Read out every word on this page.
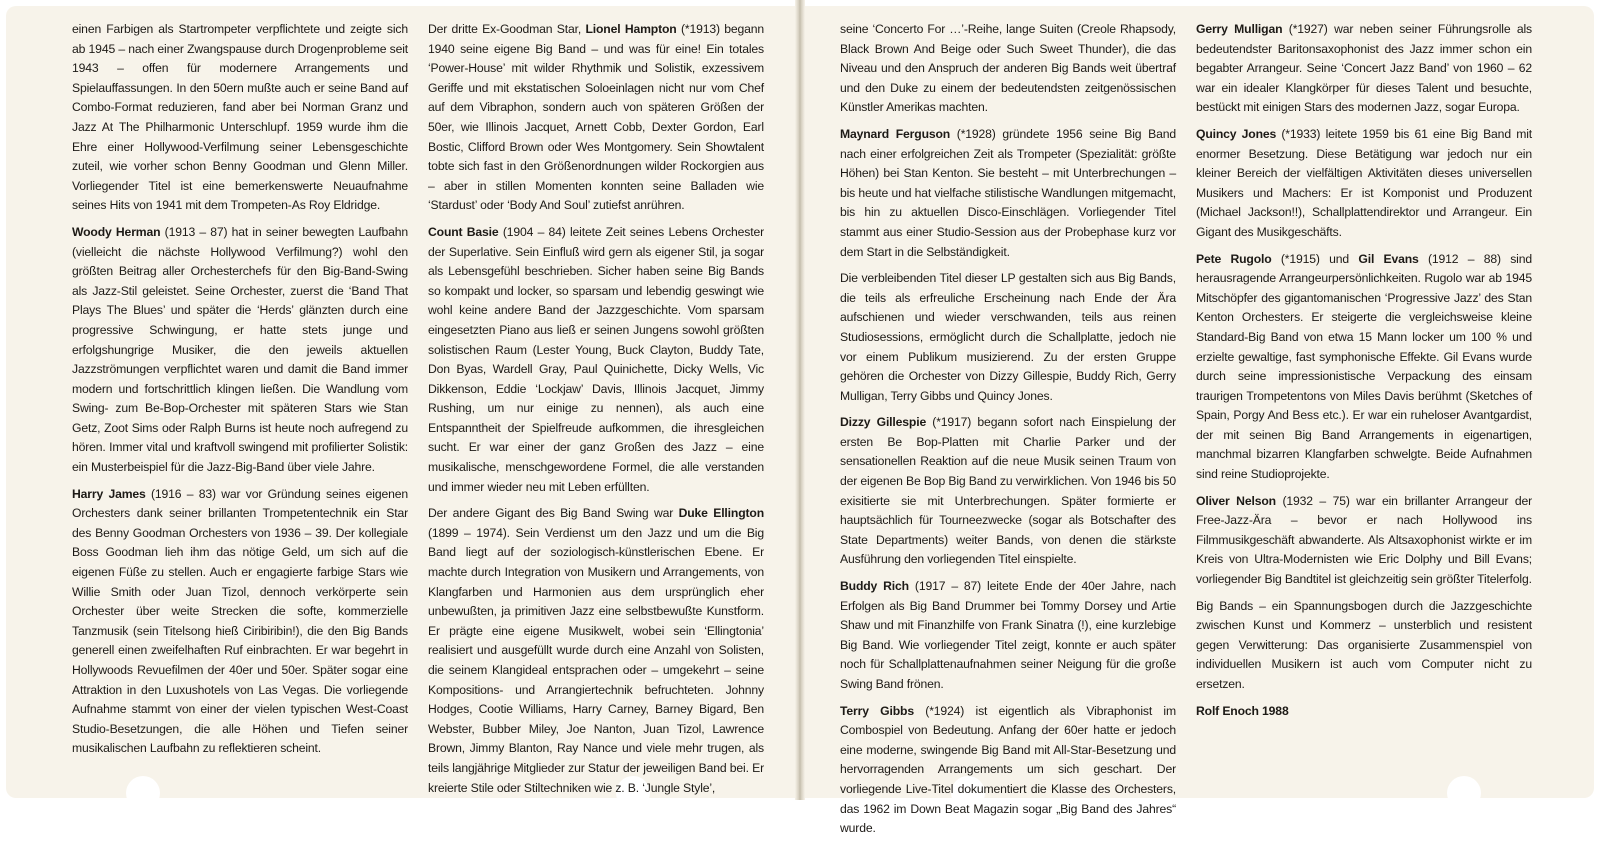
einen Farbigen als Startrompeter verpflichtete und zeigte sich ab 1945 – nach einer Zwangspause durch Drogenprobleme seit 1943 – offen für modernere Arrangements und Spielauffassungen. In den 50ern mußte auch er seine Band auf Combo-Format reduzieren, fand aber bei Norman Granz und Jazz At The Philharmonic Unterschlupf. 1959 wurde ihm die Ehre einer Hollywood-Verfilmung seiner Lebensgeschichte zuteil, wie vorher schon Benny Goodman und Glenn Miller. Vorliegender Titel ist eine bemerkenswerte Neuaufnahme seines Hits von 1941 mit dem Trompeten-As Roy Eldridge.

Woody Herman (1913 – 87) hat in seiner bewegten Laufbahn (vielleicht die nächste Hollywood Verfilmung?) wohl den größten Beitrag aller Orchesterchefs für den Big-Band-Swing als Jazz-Stil geleistet. Seine Orchester, zuerst die ‘Band That Plays The Blues’ und später die ‘Herds’ glänzten durch eine progressive Schwingung, er hatte stets junge und erfolgshungrige Musiker, die den jeweils aktuellen Jazzströmungen verpflichtet waren und damit die Band immer modern und fortschrittlich klingen ließen. Die Wandlung vom Swing- zum Be-Bop-Orchester mit späteren Stars wie Stan Getz, Zoot Sims oder Ralph Burns ist heute noch aufregend zu hören. Immer vital und kraftvoll swingend mit profilierter Solistik: ein Musterbeispiel für die Jazz-Big-Band über viele Jahre.

Harry James (1916 – 83) war vor Gründung seines eigenen Orchesters dank seiner brillanten Trompetentechnik ein Star des Benny Goodman Orchesters von 1936 – 39. Der kollegiale Boss Goodman lieh ihm das nötige Geld, um sich auf die eigenen Füße zu stellen. Auch er engagierte farbige Stars wie Willie Smith oder Juan Tizol, dennoch verkörperte sein Orchester über weite Strecken die softe, kommerzielle Tanzmusik (sein Titelsong hieß Ciribiribin!), die den Big Bands generell einen zweifelhaften Ruf einbrachten. Er war begehrt in Hollywoods Revuefilmen der 40er und 50er. Später sogar eine Attraktion in den Luxushotels von Las Vegas. Die vorliegende Aufnahme stammt von einer der vielen typischen West-Coast Studio-Besetzungen, die alle Höhen und Tiefen seiner musikalischen Laufbahn zu reflektieren scheint.

Der dritte Ex-Goodman Star, Lionel Hampton (*1913) begann 1940 seine eigene Big Band – und was für eine! Ein totales ‘Power-House’ mit wilder Rhythmik und Solistik, exzessivem Geriffe und mit ekstatischen Soloeinlagen nicht nur vom Chef auf dem Vibraphon, sondern auch von späteren Größen der 50er, wie Illinois Jacquet, Arnett Cobb, Dexter Gordon, Earl Bostic, Clifford Brown oder Wes Montgomery. Sein Showtalent tobte sich fast in den Größenordnungen wilder Rockorgien aus – aber in stillen Momenten konnten seine Balladen wie ‘Stardust’ oder ‘Body And Soul’ zutiefst anrühren.

Count Basie (1904 – 84) leitete Zeit seines Lebens Orchester der Superlative. Sein Einfluß wird gern als eigener Stil, ja sogar als Lebensgefühl beschrieben. Sicher haben seine Big Bands so kompakt und locker, so sparsam und lebendig geswingt wie wohl keine andere Band der Jazzgeschichte. Vom sparsam eingesetzten Piano aus ließ er seinen Jungens sowohl größten solistischen Raum (Lester Young, Buck Clayton, Buddy Tate, Don Byas, Wardell Gray, Paul Quinichette, Dicky Wells, Vic Dikkenson, Eddie ‘Lockjaw’ Davis, Illinois Jacquet, Jimmy Rushing, um nur einige zu nennen), als auch eine Entspanntheit der Spielfreude aufkommen, die ihresgleichen sucht. Er war einer der ganz Großen des Jazz – eine musikalische, menschgewordene Formel, die alle verstanden und immer wieder neu mit Leben erfüllten.

Der andere Gigant des Big Band Swing war Duke Ellington (1899 – 1974). Sein Verdienst um den Jazz und um die Big Band liegt auf der soziologisch-künstlerischen Ebene. Er machte durch Integration von Musikern und Arrangements, von Klangfarben und Harmonien aus dem ursprünglich eher unbewußten, ja primitiven Jazz eine selbstbewußte Kunstform. Er prägte eine eigene Musikwelt, wobei sein ‘Ellingtonia’ realisiert und ausgefüllt wurde durch eine Anzahl von Solisten, die seinem Klangideal entsprachen oder – umgekehrt – seine Kompositions- und Arrangiertechnik befruchteten. Johnny Hodges, Cootie Williams, Harry Carney, Barney Bigard, Ben Webster, Bubber Miley, Joe Nanton, Juan Tizol, Lawrence Brown, Jimmy Blanton, Ray Nance und viele mehr trugen, als teils langjährige Mitglieder zur Statur der jeweiligen Band bei. Er kreierte Stile oder Stiltechniken wie z. B. ‘Jungle Style’,

seine ‘Concerto For …’-Reihe, lange Suiten (Creole Rhapsody, Black Brown And Beige oder Such Sweet Thunder), die das Niveau und den Anspruch der anderen Big Bands weit übertraf und den Duke zu einem der bedeutendsten zeitgenössischen Künstler Amerikas machten.

Maynard Ferguson (*1928) gründete 1956 seine Big Band nach einer erfolgreichen Zeit als Trompeter (Spezialität: größte Höhen) bei Stan Kenton. Sie besteht – mit Unterbrechungen – bis heute und hat vielfache stilistische Wandlungen mitgemacht, bis hin zu aktuellen Disco-Einschlägen. Vorliegender Titel stammt aus einer Studio-Session aus der Probephase kurz vor dem Start in die Selbständigkeit.

Die verbleibenden Titel dieser LP gestalten sich aus Big Bands, die teils als erfreuliche Erscheinung nach Ende der Ära aufschienen und wieder verschwanden, teils aus reinen Studiosessions, ermöglicht durch die Schallplatte, jedoch nie vor einem Publikum musizierend. Zu der ersten Gruppe gehören die Orchester von Dizzy Gillespie, Buddy Rich, Gerry Mulligan, Terry Gibbs und Quincy Jones.

Dizzy Gillespie (*1917) begann sofort nach Einspielung der ersten Be Bop-Platten mit Charlie Parker und der sensationellen Reaktion auf die neue Musik seinen Traum von der eigenen Be Bop Big Band zu verwirklichen. Von 1946 bis 50 exisitierte sie mit Unterbrechungen. Später formierte er hauptsächlich für Tourneezwecke (sogar als Botschafter des State Departments) weiter Bands, von denen die stärkste Ausführung den vorliegenden Titel einspielte.

Buddy Rich (1917 – 87) leitete Ende der 40er Jahre, nach Erfolgen als Big Band Drummer bei Tommy Dorsey und Artie Shaw und mit Finanzhilfe von Frank Sinatra (!), eine kurzlebige Big Band. Wie vorliegender Titel zeigt, konnte er auch später noch für Schallplattenaufnahmen seiner Neigung für die große Swing Band frönen.

Terry Gibbs (*1924) ist eigentlich als Vibraphonist im Combospiel von Bedeutung. Anfang der 60er hatte er jedoch eine moderne, swingende Big Band mit All-Star-Besetzung und hervorragenden Arrangements um sich geschart. Der vorliegende Live-Titel dokumentiert die Klasse des Orchesters, das 1962 im Down Beat Magazin sogar „Big Band des Jahres“ wurde.

Gerry Mulligan (*1927) war neben seiner Führungsrolle als bedeutendster Baritonsaxophonist des Jazz immer schon ein begabter Arrangeur. Seine ‘Concert Jazz Band’ von 1960 – 62 war ein idealer Klangkörper für dieses Talent und besuchte, bestückt mit einigen Stars des modernen Jazz, sogar Europa.

Quincy Jones (*1933) leitete 1959 bis 61 eine Big Band mit enormer Besetzung. Diese Betätigung war jedoch nur ein kleiner Bereich der vielfältigen Aktivitäten dieses universellen Musikers und Machers: Er ist Komponist und Produzent (Michael Jackson!!), Schallplattendirektor und Arrangeur. Ein Gigant des Musikgeschäfts.

Pete Rugolo (*1915) und Gil Evans (1912 – 88) sind herausragende Arrangeurpersönlichkeiten. Rugolo war ab 1945 Mitschöpfer des gigantomanischen ‘Progressive Jazz’ des Stan Kenton Orchesters. Er steigerte die vergleichsweise kleine Standard-Big Band von etwa 15 Mann locker um 100 % und erzielte gewaltige, fast symphonische Effekte. Gil Evans wurde durch seine impressionistische Verpackung des einsam traurigen Trompetentons von Miles Davis berühmt (Sketches of Spain, Porgy And Bess etc.). Er war ein ruheloser Avantgardist, der mit seinen Big Band Arrangements in eigenartigen, manchmal bizarren Klangfarben schwelgte. Beide Aufnahmen sind reine Studioprojekte.

Oliver Nelson (1932 – 75) war ein brillanter Arrangeur der Free-Jazz-Ära – bevor er nach Hollywood ins Filmmusikgeschäft abwanderte. Als Altsaxophonist wirkte er im Kreis von Ultra-Modernisten wie Eric Dolphy und Bill Evans; vorliegender Big Bandtitel ist gleichzeitig sein größter Titelerfolg.

Big Bands – ein Spannungsbogen durch die Jazzgeschichte zwischen Kunst und Kommerz – unsterblich und resistent gegen Verwitterung: Das organisierte Zusammenspiel von individuellen Musikern ist auch vom Computer nicht zu ersetzen.

Rolf Enoch 1988
